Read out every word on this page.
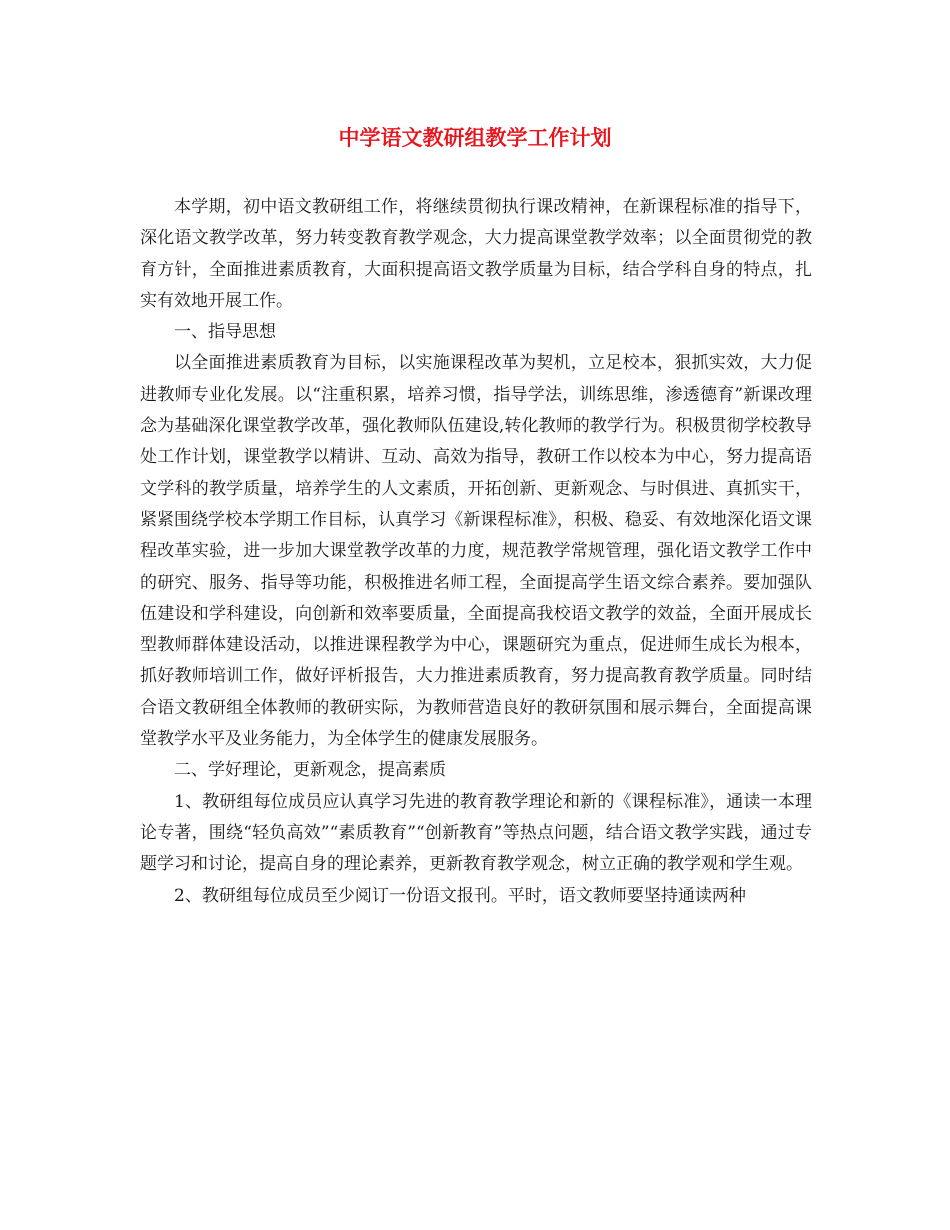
中学语文教研组教学工作计划

本学期，初中语文教研组工作，将继续贯彻执行课改精神，在新课程标准的指导下，深化语文教学改革，努力转变教育教学观念，大力提高课堂教学效率；以全面贯彻党的教育方针，全面推进素质教育，大面积提高语文教学质量为目标，结合学科自身的特点，扎实有效地开展工作。

一、指导思想

以全面推进素质教育为目标，以实施课程改革为契机，立足校本，狠抓实效，大力促进教师专业化发展。以“注重积累，培养习惯，指导学法，训练思维，渗透德育”新课改理念为基础深化课堂教学改革，强化教师队伍建设,转化教师的教学行为。积极贯彻学校教导处工作计划，课堂教学以精讲、互动、高效为指导，教研工作以校本为中心，努力提高语文学科的教学质量，培养学生的人文素质，开拓创新、更新观念、与时俱进、真抓实干，紧紧围绕学校本学期工作目标，认真学习《新课程标准》，积极、稳妥、有效地深化语文课程改革实验，进一步加大课堂教学改革的力度，规范教学常规管理，强化语文教学工作中的研究、服务、指导等功能，积极推进名师工程，全面提高学生语文综合素养。要加强队伍建设和学科建设，向创新和效率要质量，全面提高我校语文教学的效益，全面开展成长型教师群体建设活动，以推进课程教学为中心，课题研究为重点，促进师生成长为根本，抓好教师培训工作，做好评析报告，大力推进素质教育，努力提高教育教学质量。同时结合语文教研组全体教师的教研实际，为教师营造良好的教研氛围和展示舞台，全面提高课堂教学水平及业务能力，为全体学生的健康发展服务。

二、学好理论，更新观念，提高素质

1、教研组每位成员应认真学习先进的教育教学理论和新的《课程标准》，通读一本理论专著，围绕“轻负高效”“素质教育”“创新教育”等热点问题，结合语文教学实践，通过专题学习和讨论，提高自身的理论素养，更新教育教学观念，树立正确的教学观和学生观。

2、教研组每位成员至少阅订一份语文报刊。平时，语文教师要坚持通读两种
